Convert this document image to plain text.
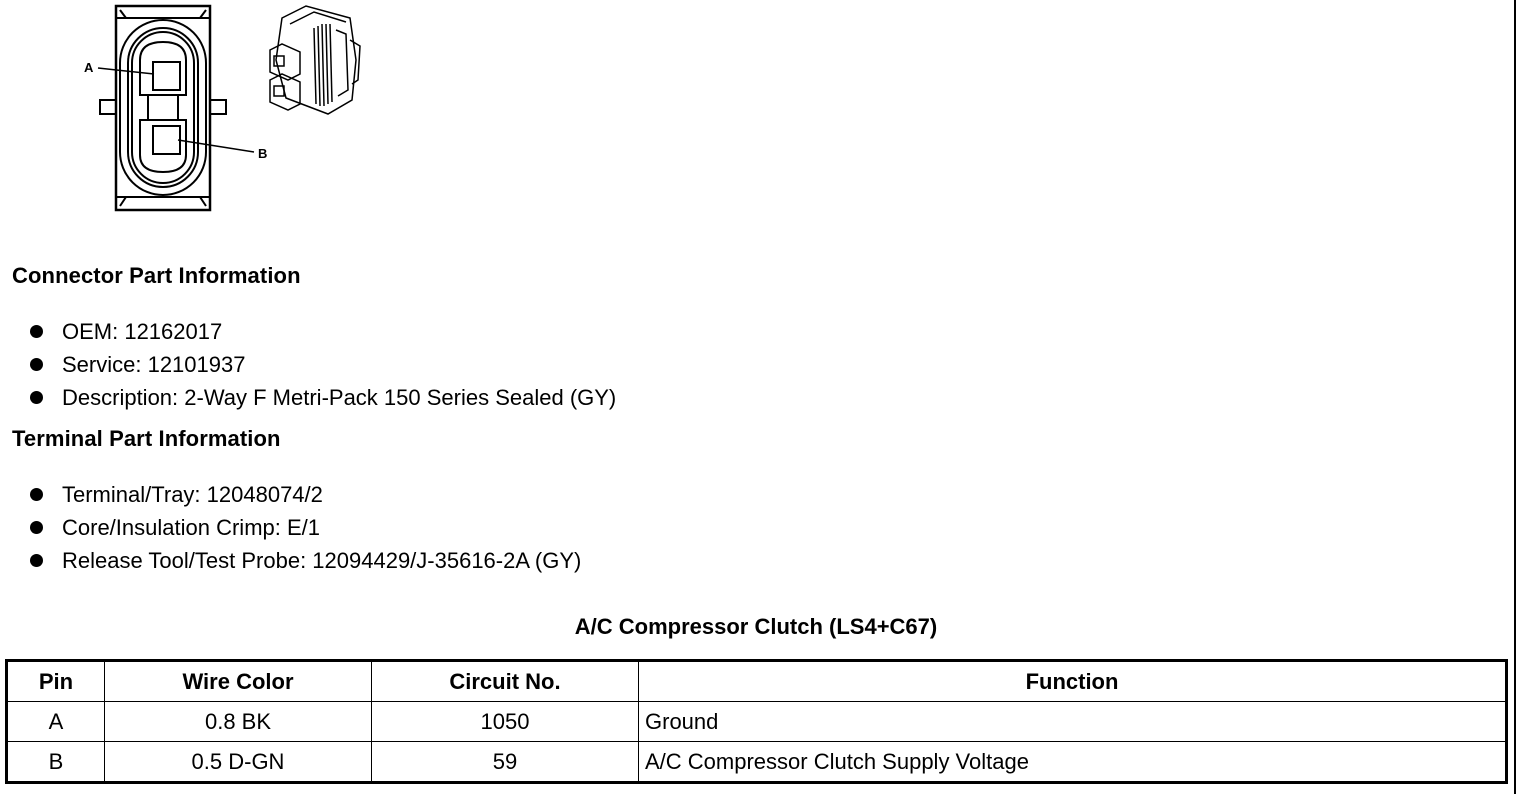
A
B
Connector Part Information
OEM: 12162017
Service: 12101937
Description: 2-Way F Metri-Pack 150 Series Sealed (GY)
Terminal Part Information
Terminal/Tray: 12048074/2
Core/Insulation Crimp: E/1
Release Tool/Test Probe: 12094429/J-35616-2A (GY)
A/C Compressor Clutch (LS4+C67)
Pin	Wire Color	Circuit No.	Function
A	0.8 BK	1050	Ground
B	0.5 D-GN	59	A/C Compressor Clutch Supply Voltage
